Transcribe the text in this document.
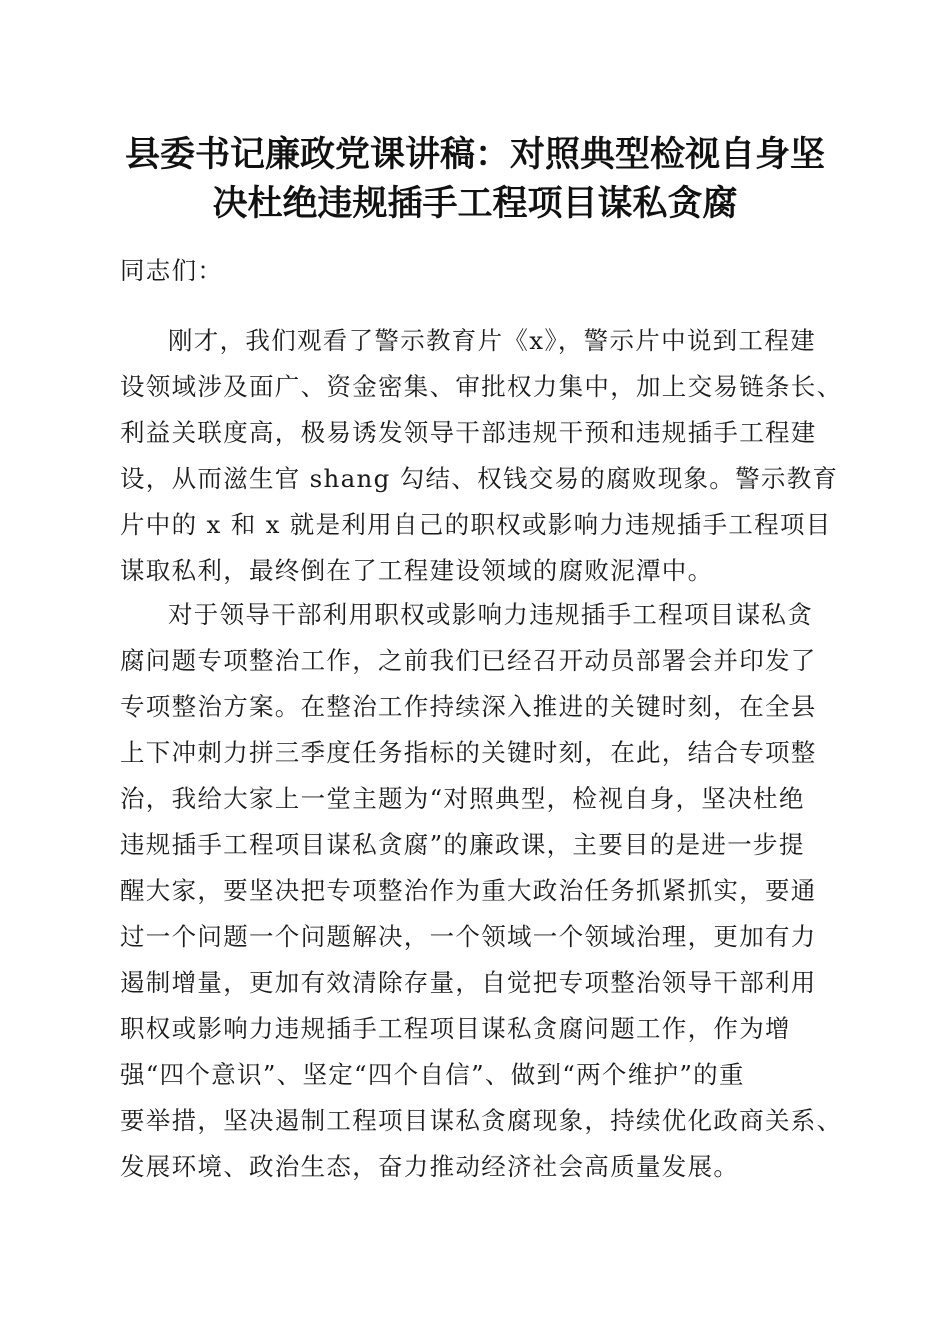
县委书记廉政党课讲稿：对照典型检视自身坚
决杜绝违规插手工程项目谋私贪腐
同志们：
刚才，我们观看了警示教育片《x》，警示片中说到工程建
设领域涉及面广、资金密集、审批权力集中，加上交易链条长、
利益关联度高，极易诱发领导干部违规干预和违规插手工程建
设，从而滋生官 shang 勾结、权钱交易的腐败现象。警示教育
片中的 x 和 x 就是利用自己的职权或影响力违规插手工程项目
谋取私利，最终倒在了工程建设领域的腐败泥潭中。
对于领导干部利用职权或影响力违规插手工程项目谋私贪
腐问题专项整治工作，之前我们已经召开动员部署会并印发了
专项整治方案。在整治工作持续深入推进的关键时刻，在全县
上下冲刺力拼三季度任务指标的关键时刻，在此，结合专项整
治，我给大家上一堂主题为“对照典型，检视自身，坚决杜绝
违规插手工程项目谋私贪腐”的廉政课，主要目的是进一步提
醒大家，要坚决把专项整治作为重大政治任务抓紧抓实，要通
过一个问题一个问题解决，一个领域一个领域治理，更加有力
遏制增量，更加有效清除存量，自觉把专项整治领导干部利用
职权或影响力违规插手工程项目谋私贪腐问题工作，作为增
强“四个意识”、坚定“四个自信”、做到“两个维护”的重
要举措，坚决遏制工程项目谋私贪腐现象，持续优化政商关系、
发展环境、政治生态，奋力推动经济社会高质量发展。
